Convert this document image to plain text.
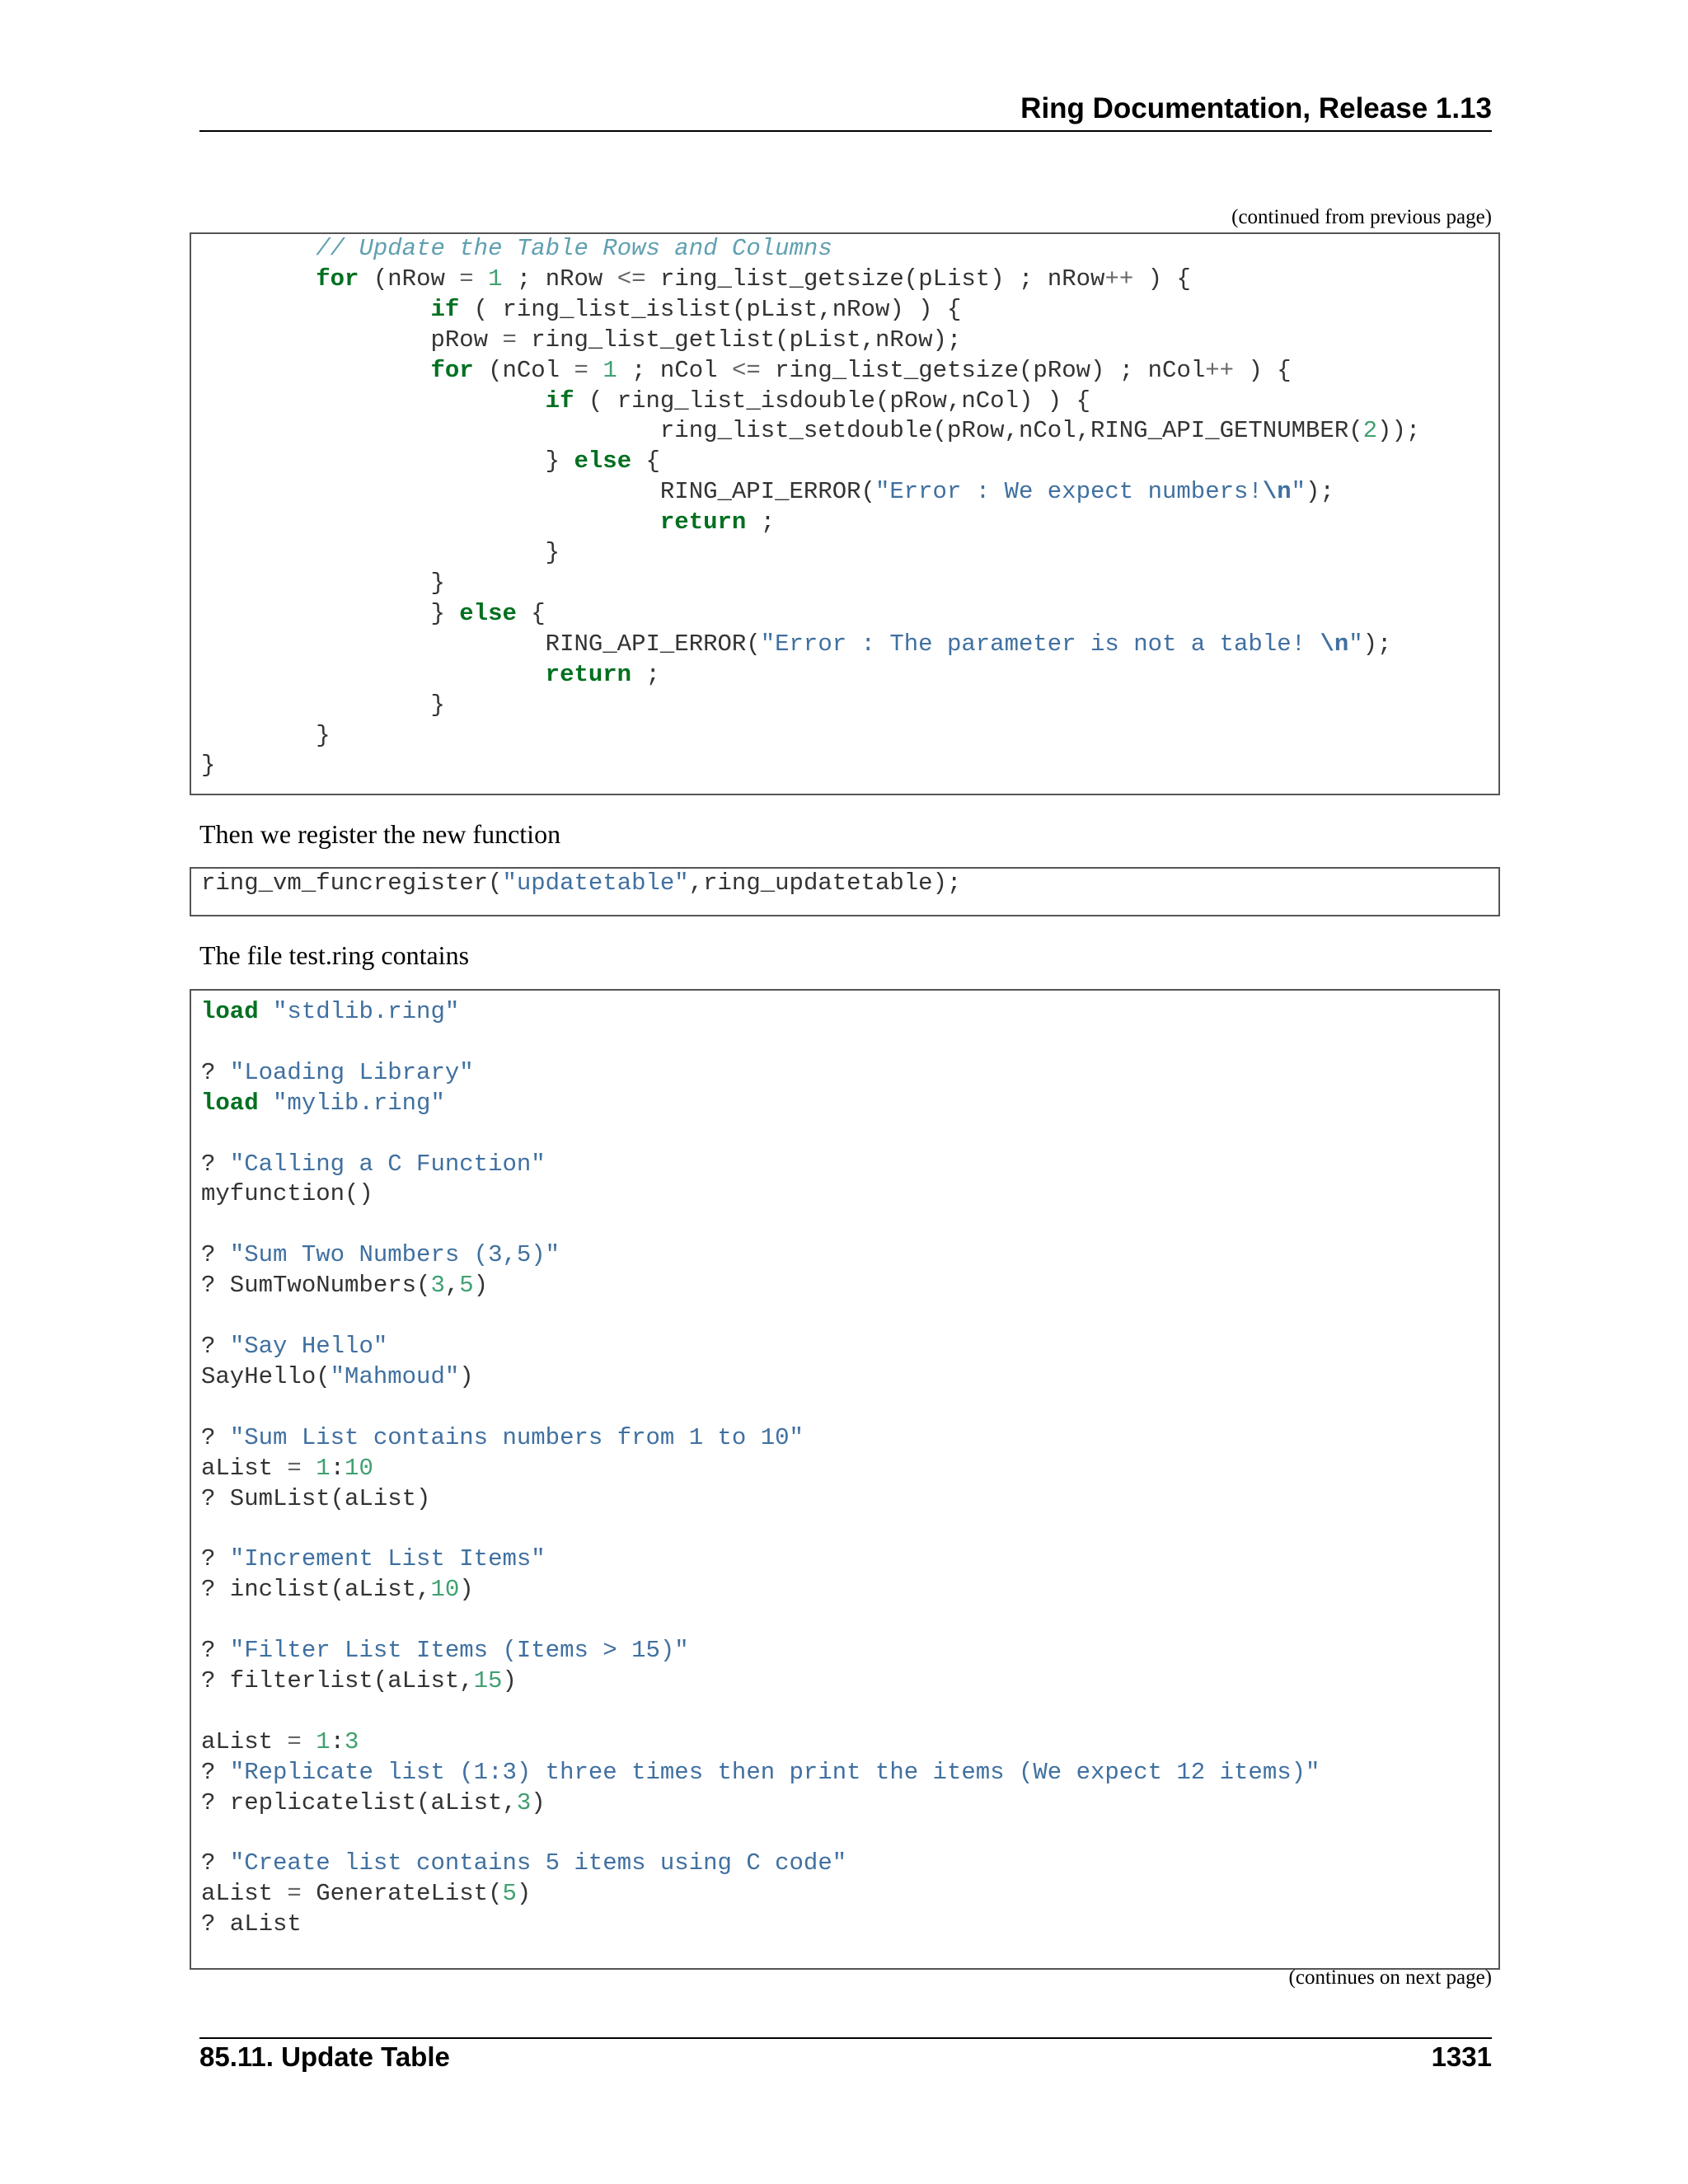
Ring Documentation, Release 1.13
(continued from previous page)
// Update the Table Rows and Columns
for (nRow = 1 ; nRow <= ring_list_getsize(pList) ; nRow++ ) {
if ( ring_list_islist(pList,nRow) ) {
pRow = ring_list_getlist(pList,nRow);
for (nCol = 1 ; nCol <= ring_list_getsize(pRow) ; nCol++ ) {
if ( ring_list_isdouble(pRow,nCol) ) {
ring_list_setdouble(pRow,nCol,RING_API_GETNUMBER(2));
} else {
RING_API_ERROR("Error : We expect numbers!\n");
return ;
}
}
} else {
RING_API_ERROR("Error : The parameter is not a table! \n");
return ;
}
}
}
Then we register the new function
ring_vm_funcregister("updatetable",ring_updatetable);
The file test.ring contains
load "stdlib.ring"

? "Loading Library"
load "mylib.ring"

? "Calling a C Function"
myfunction()

? "Sum Two Numbers (3,5)"
? SumTwoNumbers(3,5)

? "Say Hello"
SayHello("Mahmoud")

? "Sum List contains numbers from 1 to 10"
aList = 1:10
? SumList(aList)

? "Increment List Items"
? inclist(aList,10)

? "Filter List Items (Items > 15)"
? filterlist(aList,15)

aList = 1:3
? "Replicate list (1:3) three times then print the items (We expect 12 items)"
? replicatelist(aList,3)

? "Create list contains 5 items using C code"
aList = GenerateList(5)
? aList
(continues on next page)
85.11. Update Table	1331
